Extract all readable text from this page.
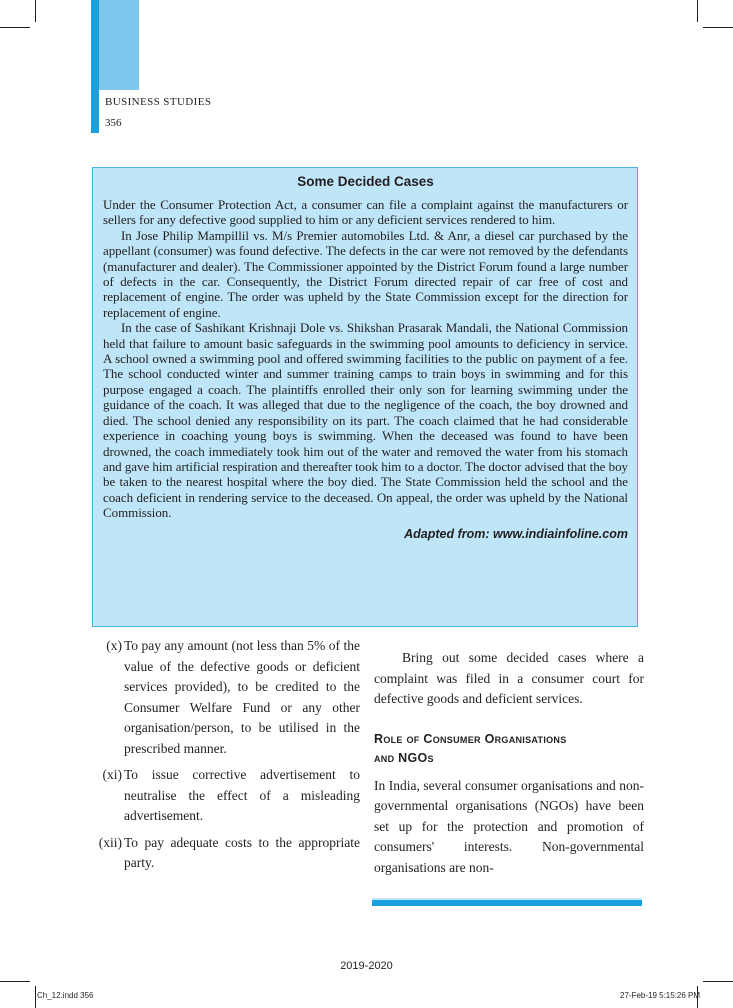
BUSINESS STUDIES
356
Some Decided Cases

Under the Consumer Protection Act, a consumer can file a complaint against the manufacturers or sellers for any defective good supplied to him or any deficient services rendered to him.

In Jose Philip Mampillil vs. M/s Premier automobiles Ltd. & Anr, a diesel car purchased by the appellant (consumer) was found defective. The defects in the car were not removed by the defendants (manufacturer and dealer). The Commissioner appointed by the District Forum found a large number of defects in the car. Consequently, the District Forum directed repair of car free of cost and replacement of engine. The order was upheld by the State Commission except for the direction for replacement of engine.

In the case of Sashikant Krishnaji Dole vs. Shikshan Prasarak Mandali, the National Commission held that failure to amount basic safeguards in the swimming pool amounts to deficiency in service. A school owned a swimming pool and offered swimming facilities to the public on payment of a fee. The school conducted winter and summer training camps to train boys in swimming and for this purpose engaged a coach. The plaintiffs enrolled their only son for learning swimming under the guidance of the coach. It was alleged that due to the negligence of the coach, the boy drowned and died. The school denied any responsibility on its part. The coach claimed that he had considerable experience in coaching young boys is swimming. When the deceased was found to have been drowned, the coach immediately took him out of the water and removed the water from his stomach and gave him artificial respiration and thereafter took him to a doctor. The doctor advised that the boy be taken to the nearest hospital where the boy died. The State Commission held the school and the coach deficient in rendering service to the deceased. On appeal, the order was upheld by the National Commission.

Adapted from: www.indiainfoline.com
(x) To pay any amount (not less than 5% of the value of the defective goods or deficient services provided), to be credited to the Consumer Welfare Fund or any other organisation/person, to be utilised in the prescribed manner.
(xi) To issue corrective advertisement to neutralise the effect of a misleading advertisement.
(xii) To pay adequate costs to the appropriate party.

Bring out some decided cases where a complaint was filed in a consumer court for defective goods and deficient services.

Role of Consumer Organisations
and NGOs

In India, several consumer organisations and non-governmental organisations (NGOs) have been set up for the protection and promotion of consumers' interests. Non-governmental organisations are non-

2019-2020
Ch_12.indd 356	27-Feb-19 5:15:26 PM
